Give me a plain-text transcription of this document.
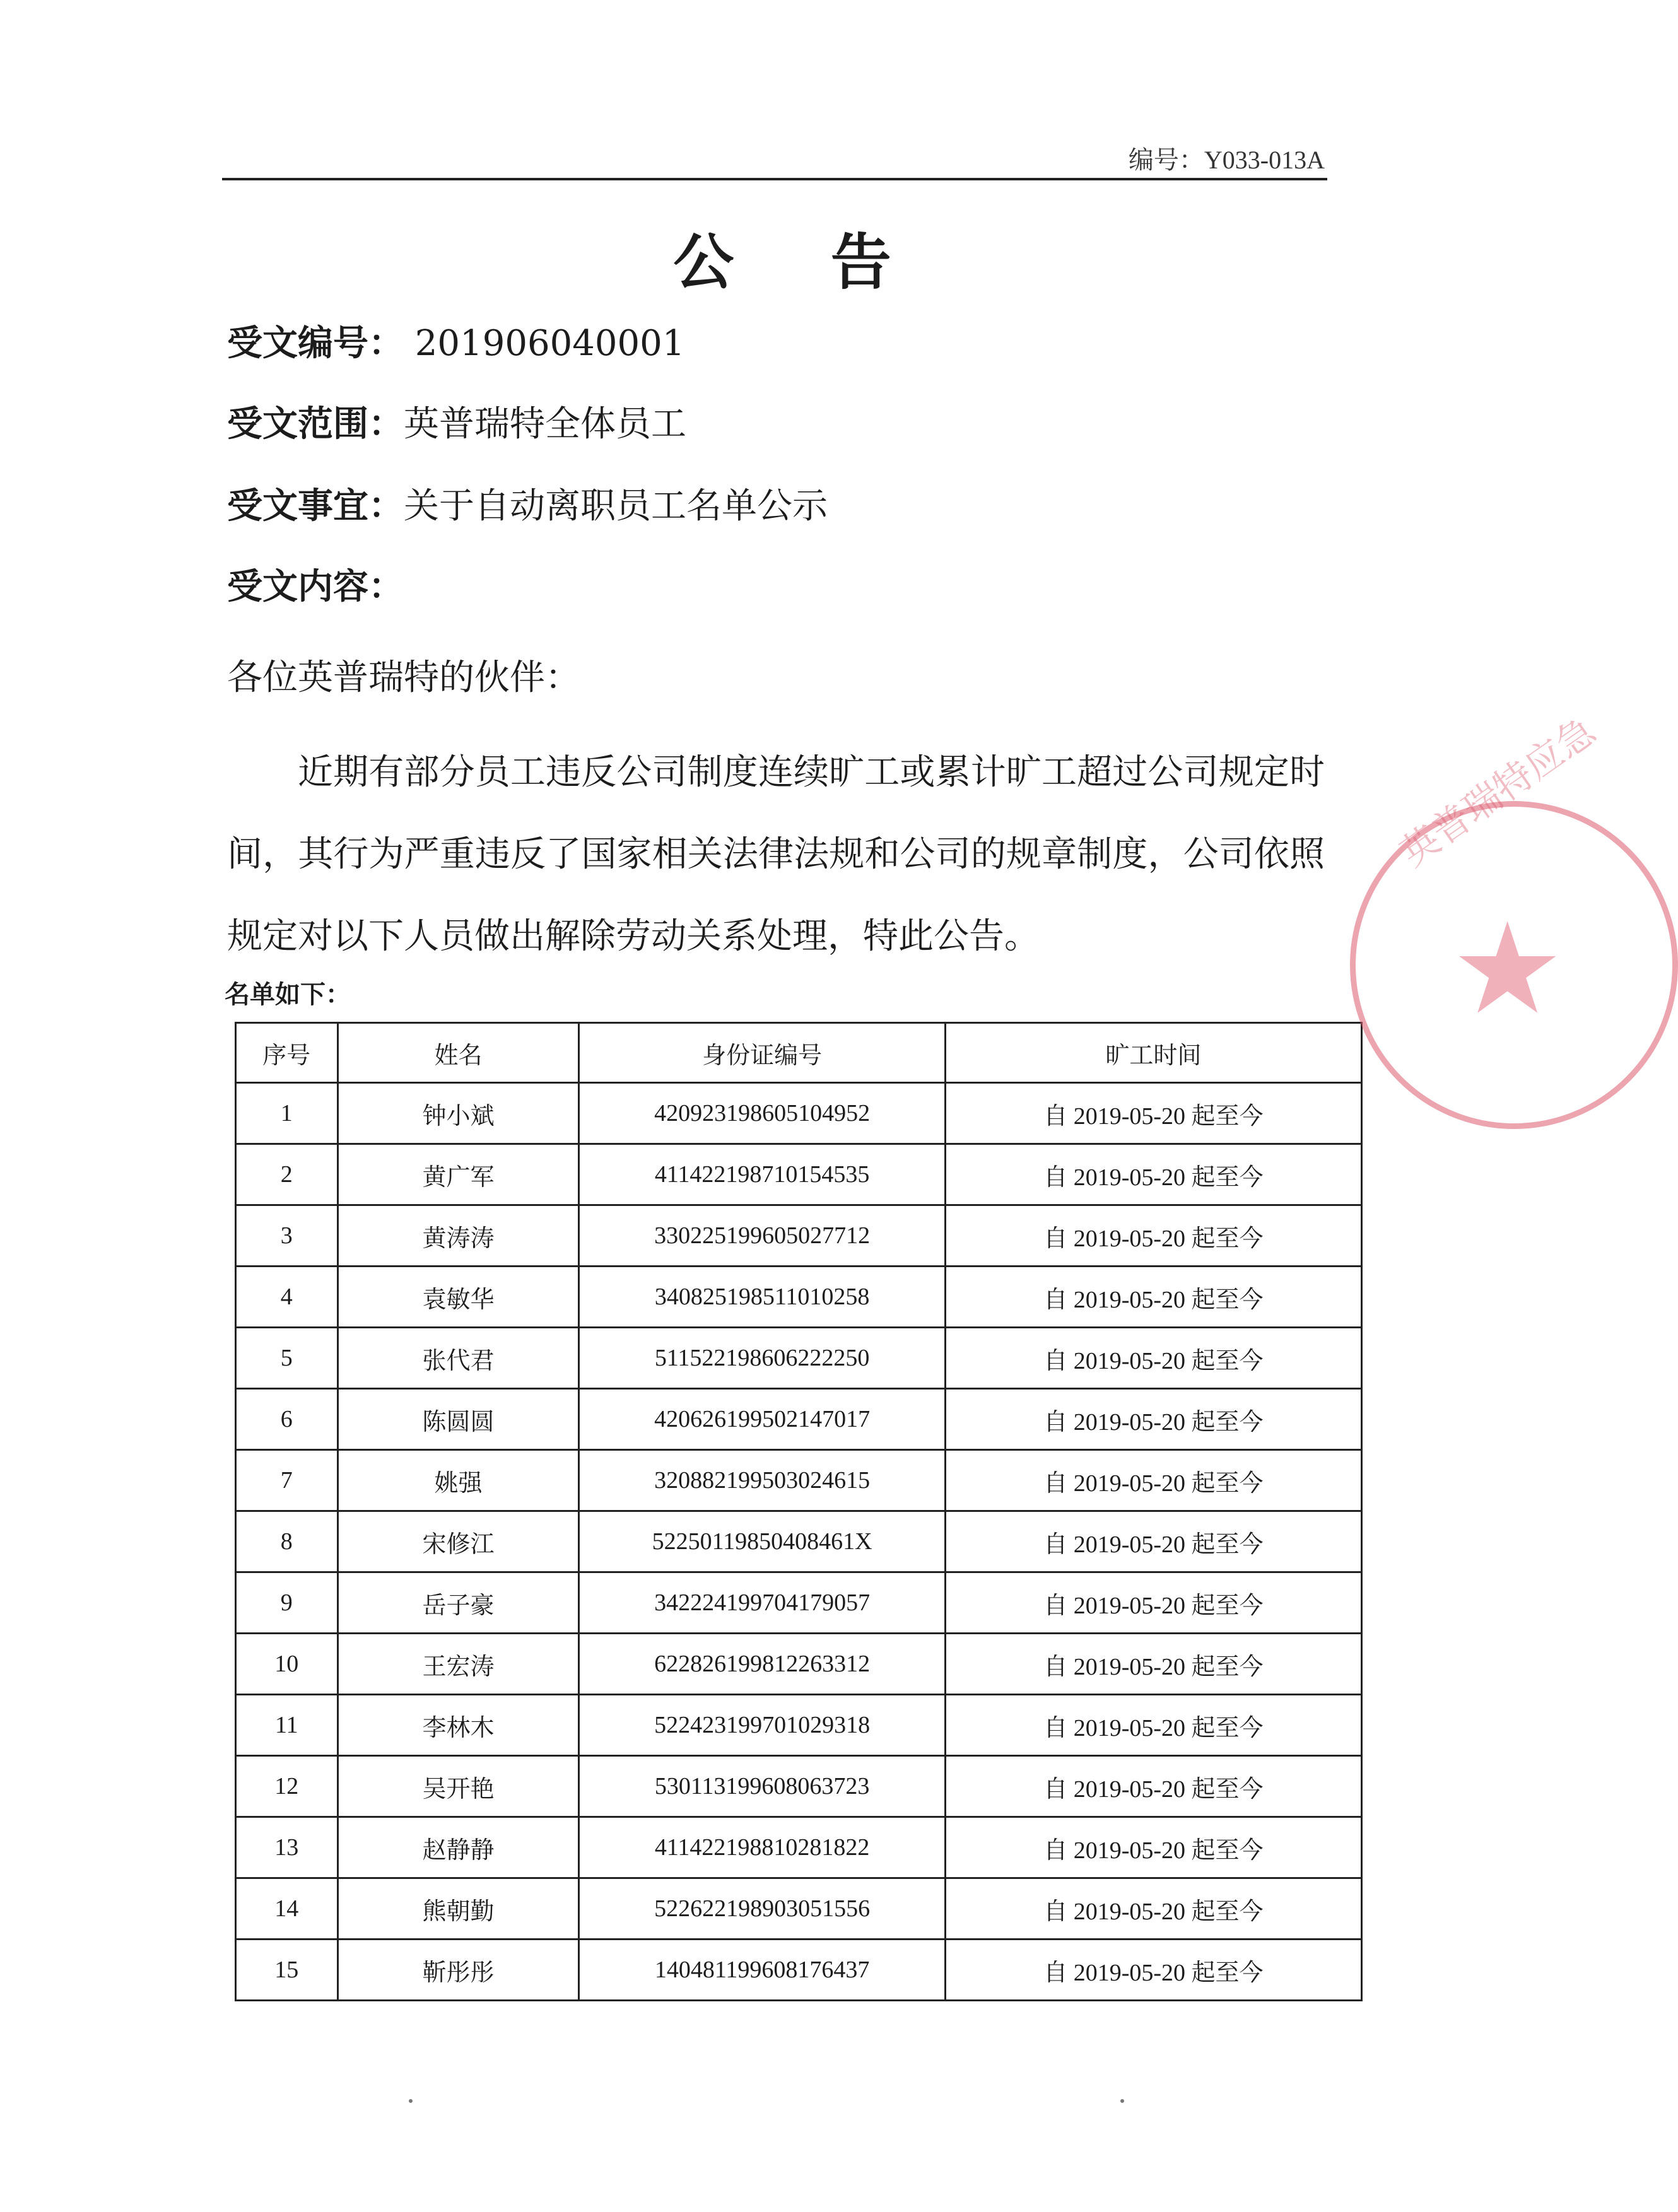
编号：Y033-013A
公 告
受文编号： 201906040001
受文范围：英普瑞特全体员工
受文事宜：关于自动离职员工名单公示
受文内容：
各位英普瑞特的伙伴：
近期有部分员工违反公司制度连续旷工或累计旷工超过公司规定时间，其行为严重违反了国家相关法律法规和公司的规章制度，公司依照规定对以下人员做出解除劳动关系处理，特此公告。
名单如下：
序号	姓名	身份证编号	旷工时间
1	钟小斌	420923198605104952	自 2019-05-20 起至今
2	黄广军	411422198710154535	自 2019-05-20 起至今
3	黄涛涛	330225199605027712	自 2019-05-20 起至今
4	袁敏华	340825198511010258	自 2019-05-20 起至今
5	张代君	511522198606222250	自 2019-05-20 起至今
6	陈圆圆	420626199502147017	自 2019-05-20 起至今
7	姚强	320882199503024615	自 2019-05-20 起至今
8	宋修江	52250119850408461X	自 2019-05-20 起至今
9	岳子豪	342224199704179057	自 2019-05-20 起至今
10	王宏涛	622826199812263312	自 2019-05-20 起至今
11	李林木	522423199701029318	自 2019-05-20 起至今
12	吴开艳	530113199608063723	自 2019-05-20 起至今
13	赵静静	411422198810281822	自 2019-05-20 起至今
14	熊朝勤	522622198903051556	自 2019-05-20 起至今
15	靳彤彤	140481199608176437	自 2019-05-20 起至今
★
英普瑞特应急
